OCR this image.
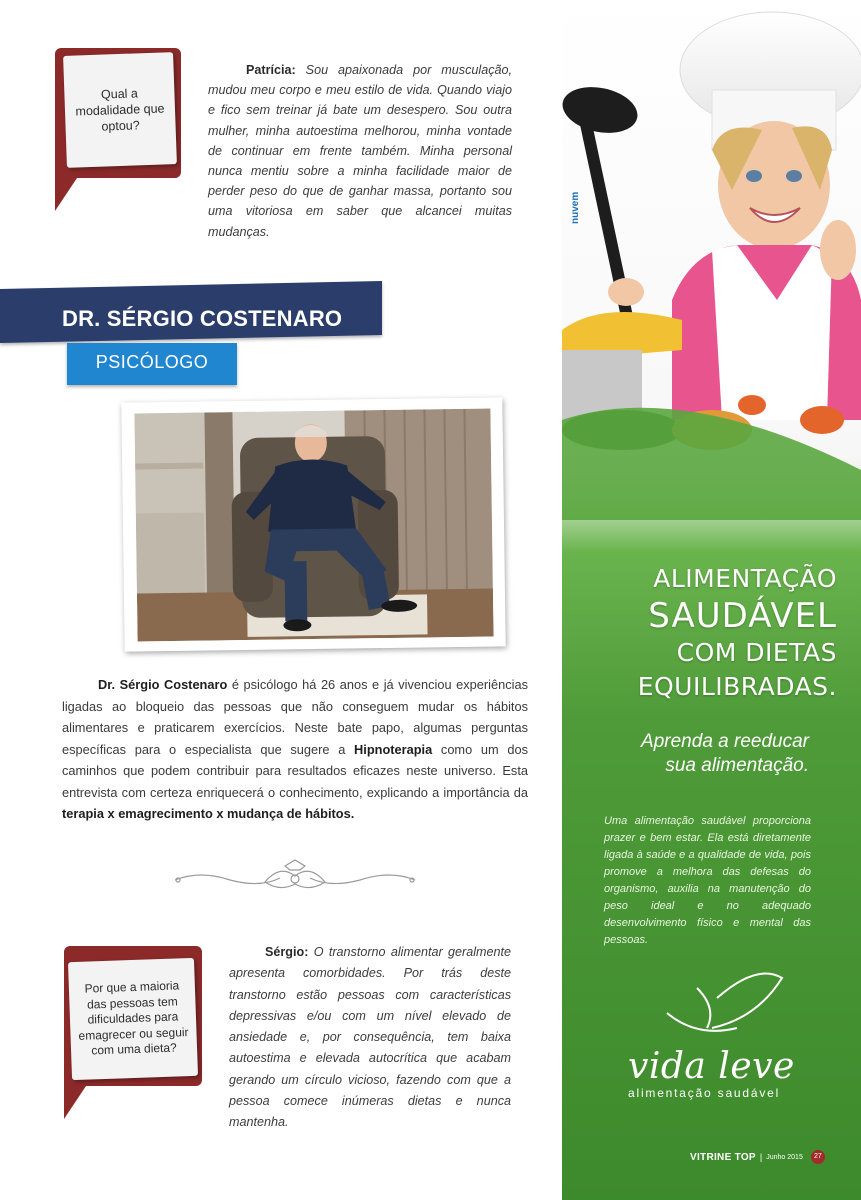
Qual a modalidade que optou?

Patrícia: Sou apaixonada por musculação, mudou meu corpo e meu estilo de vida. Quando viajo e fico sem treinar já bate um desespero. Sou outra mulher, minha autoestima melhorou, minha vontade de continuar em frente também. Minha personal nunca mentiu sobre a minha facilidade maior de perder peso do que de ganhar massa, portanto sou uma vitoriosa em saber que alcancei muitas mudanças.

DR. SÉRGIO COSTENARO
PSICÓLOGO

Dr. Sérgio Costenaro é psicólogo há 26 anos e já vivenciou experiências ligadas ao bloqueio das pessoas que não conseguem mudar os hábitos alimentares e praticarem exercícios. Neste bate papo, algumas perguntas específicas para o especialista que sugere a Hipnoterapia como um dos caminhos que podem contribuir para resultados eficazes neste universo. Esta entrevista com certeza enriquecerá o conhecimento, explicando a importância da terapia x emagrecimento x mudança de hábitos.

Por que a maioria das pessoas tem dificuldades para emagrecer ou seguir com uma dieta?

Sérgio: O transtorno alimentar geralmente apresenta comorbidades. Por trás deste transtorno estão pessoas com características depressivas e/ou com um nível elevado de ansiedade e, por consequência, tem baixa autoestima e elevada autocrítica que acabam gerando um círculo vicioso, fazendo com que a pessoa comece inúmeras dietas e nunca mantenha.

nuvem
ALIMENTAÇÃO
SAUDÁVEL
COM DIETAS
EQUILIBRADAS.
Aprenda a reeducar
sua alimentação.

Uma alimentação saudável proporciona prazer e bem estar. Ela está diretamente ligada à saúde e a qualidade de vida, pois promove a melhora das defesas do organismo, auxilia na manutenção do peso ideal e no adequado desenvolvimento físico e mental das pessoas.

vida leve
alimentação saudável
VITRINE TOP | Junho 2015	27
